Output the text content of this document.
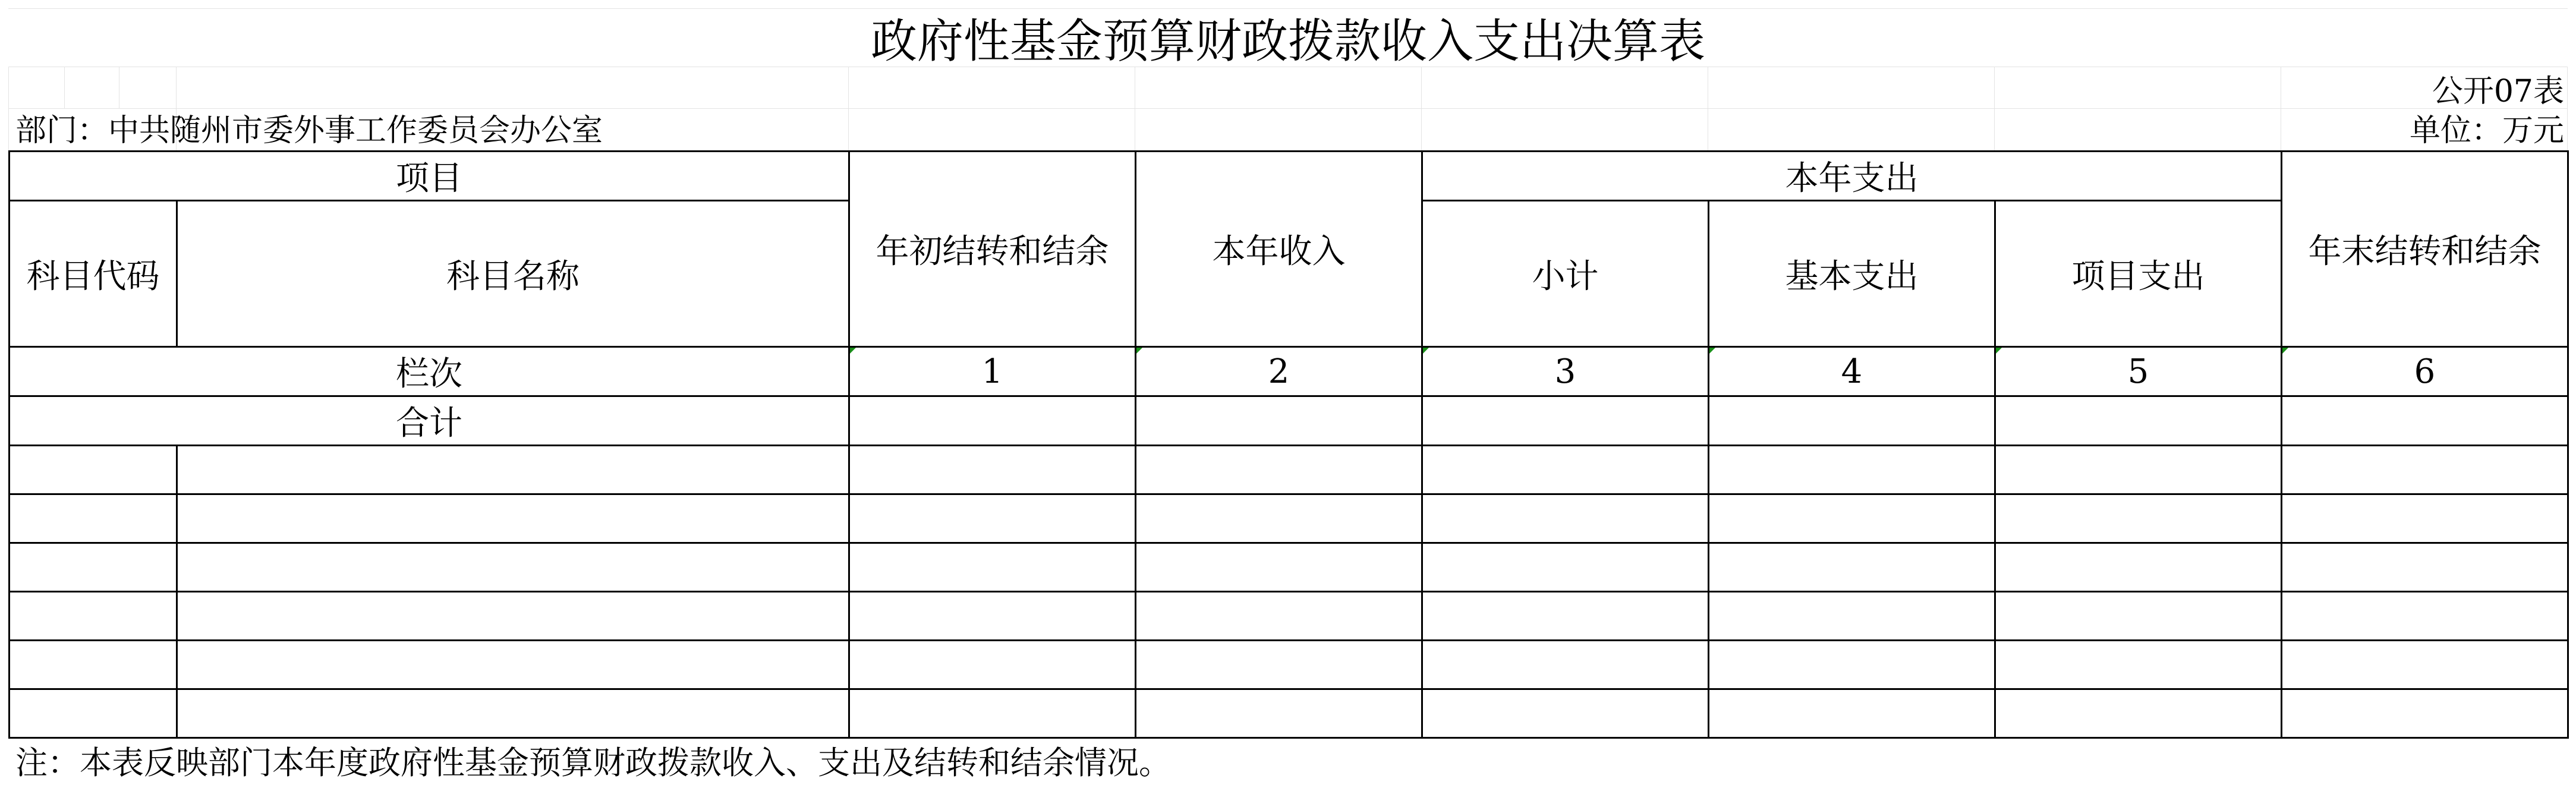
政府性基金预算财政拨款收入支出决算表
公开07表
部门：中共随州市委外事工作委员会办公室	单位：万元
项目		年初结转和结余	本年收入	本年支出			年末结转和结余
科目代码	科目名称			小计	基本支出	项目支出	
栏次		1	2	3	4	5	6
合计							

注：本表反映部门本年度政府性基金预算财政拨款收入、支出及结转和结余情况。
